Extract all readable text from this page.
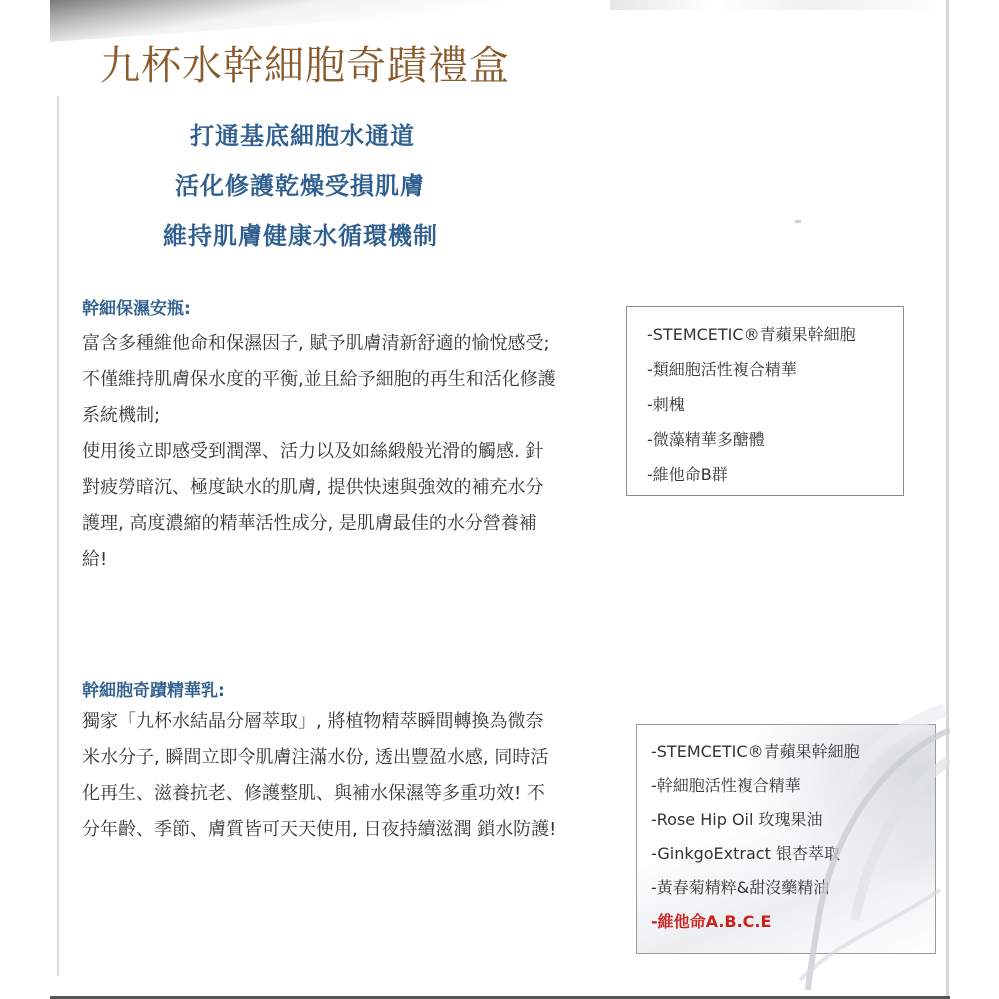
九杯水幹細胞奇蹟禮盒
打通基底細胞水通道
活化修護乾燥受損肌膚
維持肌膚健康水循環機制
幹細保濕安瓶:

富含多種維他命和保濕因子, 賦予肌膚清新舒適的愉悅感受; 不僅維持肌膚保水度的平衡,並且給予細胞的再生和活化修護系統機制;

使用後立即感受到潤澤、活力以及如絲緞般光滑的觸感. 針對疲勞暗沉、極度缺水的肌膚, 提供快速與強效的補充水分護理, 高度濃縮的精華活性成分, 是肌膚最佳的水分營養補給!

-STEMCETIC®青蘋果幹細胞
-類細胞活性複合精華
-刺槐
-微藻精華多醣體
-維他命B群
幹細胞奇蹟精華乳:

獨家「九杯水結晶分層萃取」, 將植物精萃瞬間轉換為微奈米水分子, 瞬間立即令肌膚注滿水份, 透出豐盈水感, 同時活化再生、滋養抗老、修護整肌、與補水保濕等多重功效! 不分年齡、季節、膚質皆可天天使用, 日夜持續滋潤 鎖水防護!

-STEMCETIC®青蘋果幹細胞
-幹細胞活性複合精華
-Rose Hip Oil 玫瑰果油
-GinkgoExtract 银杏萃取
-黃春菊精粹&甜沒藥精油
-維他命A.B.C.E
